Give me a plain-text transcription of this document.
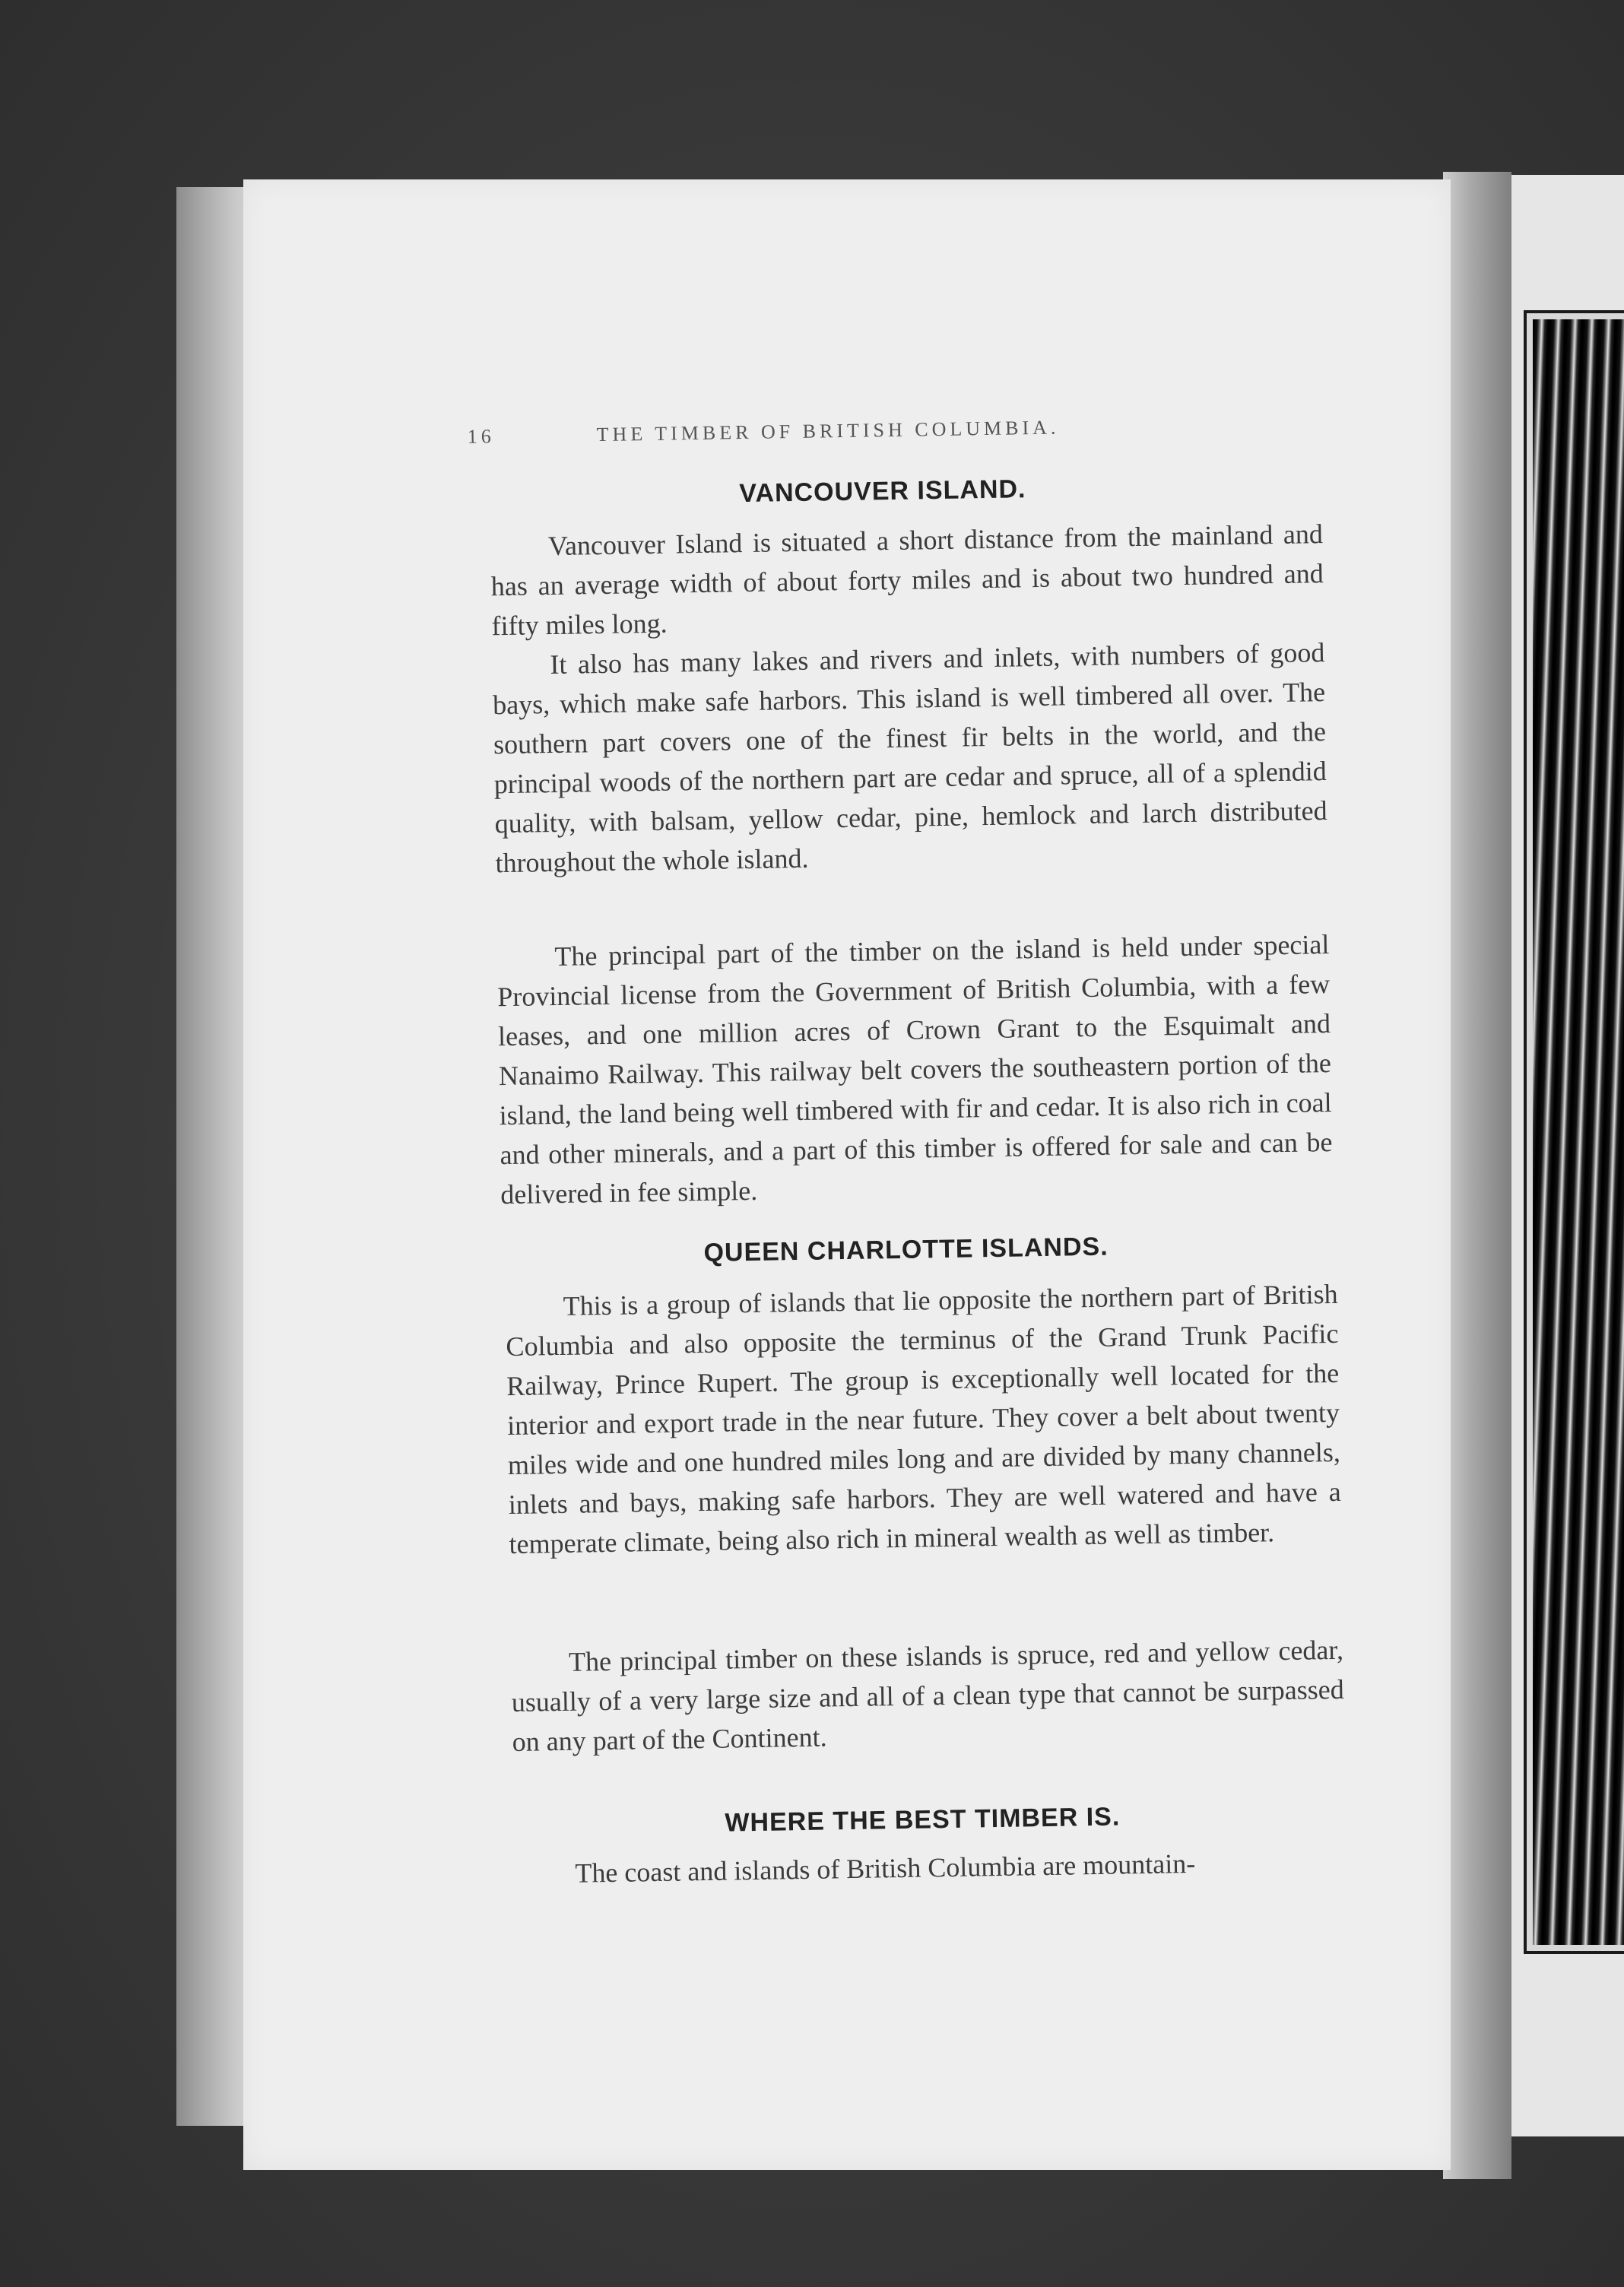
16	THE TIMBER OF BRITISH COLUMBIA.
VANCOUVER ISLAND.

Vancouver Island is situated a short distance from the mainland and has an average width of about forty miles and is about two hundred and fifty miles long.

It also has many lakes and rivers and inlets, with numbers of good bays, which make safe harbors. This island is well timbered all over. The southern part covers one of the finest fir belts in the world, and the principal woods of the northern part are cedar and spruce, all of a splendid quality, with balsam, yellow cedar, pine, hemlock and larch distributed throughout the whole island.

The principal part of the timber on the island is held under special Provincial license from the Government of British Columbia, with a few leases, and one million acres of Crown Grant to the Esquimalt and Nanaimo Railway. This railway belt covers the southeastern portion of the island, the land being well timbered with fir and cedar. It is also rich in coal and other minerals, and a part of this timber is offered for sale and can be delivered in fee simple.

QUEEN CHARLOTTE ISLANDS.

This is a group of islands that lie opposite the northern part of British Columbia and also opposite the terminus of the Grand Trunk Pacific Railway, Prince Rupert. The group is exceptionally well located for the interior and export trade in the near future. They cover a belt about twenty miles wide and one hundred miles long and are divided by many channels, inlets and bays, making safe harbors. They are well watered and have a temperate climate, being also rich in mineral wealth as well as timber.

The principal timber on these islands is spruce, red and yellow cedar, usually of a very large size and all of a clean type that cannot be surpassed on any part of the Continent.

WHERE THE BEST TIMBER IS.

The coast and islands of British Columbia are mountain-
